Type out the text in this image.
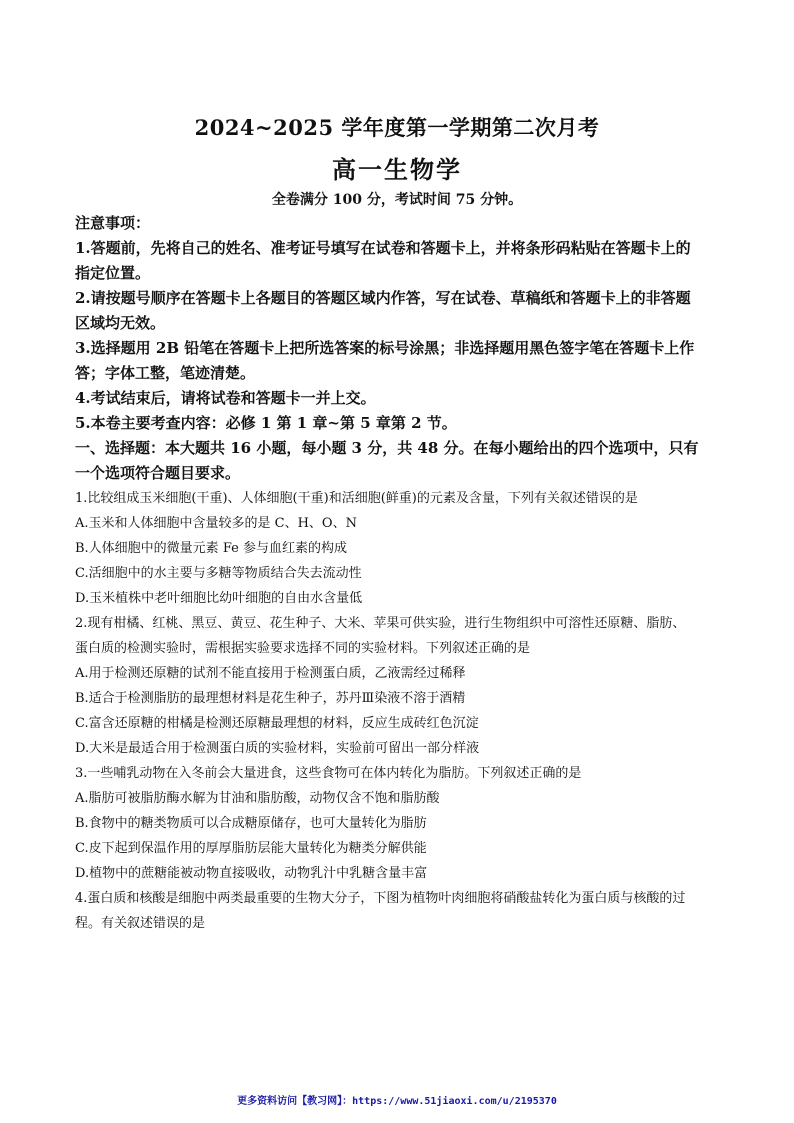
2024~2025 学年度第一学期第二次月考
高一生物学
全卷满分 100 分，考试时间 75 分钟。
注意事项：
1.答题前，先将自己的姓名、准考证号填写在试卷和答题卡上，并将条形码粘贴在答题卡上的
指定位置。
2.请按题号顺序在答题卡上各题目的答题区域内作答，写在试卷、草稿纸和答题卡上的非答题
区域均无效。
3.选择题用 2B 铅笔在答题卡上把所选答案的标号涂黑；非选择题用黑色签字笔在答题卡上作
答；字体工整，笔迹清楚。
4.考试结束后，请将试卷和答题卡一并上交。
5.本卷主要考查内容：必修 1 第 1 章~第 5 章第 2 节。
一、选择题：本大题共 16 小题，每小题 3 分，共 48 分。在每小题给出的四个选项中，只有
一个选项符合题目要求。
1.比较组成玉米细胞(干重)、人体细胞(干重)和活细胞(鲜重)的元素及含量，下列有关叙述错误的是
A.玉米和人体细胞中含量较多的是 C、H、O、N
B.人体细胞中的微量元素 Fe 参与血红素的构成
C.活细胞中的水主要与多糖等物质结合失去流动性
D.玉米植株中老叶细胞比幼叶细胞的自由水含量低
2.现有柑橘、红桃、黑豆、黄豆、花生种子、大米、苹果可供实验，进行生物组织中可溶性还原糖、脂肪、
蛋白质的检测实验时，需根据实验要求选择不同的实验材料。下列叙述正确的是
A.用于检测还原糖的试剂不能直接用于检测蛋白质，乙液需经过稀释
B.适合于检测脂肪的最理想材料是花生种子，苏丹Ⅲ染液不溶于酒精
C.富含还原糖的柑橘是检测还原糖最理想的材料，反应生成砖红色沉淀
D.大米是最适合用于检测蛋白质的实验材料，实验前可留出一部分样液
3.一些哺乳动物在入冬前会大量进食，这些食物可在体内转化为脂肪。下列叙述正确的是
A.脂肪可被脂肪酶水解为甘油和脂肪酸，动物仅含不饱和脂肪酸
B.食物中的糖类物质可以合成糖原储存，也可大量转化为脂肪
C.皮下起到保温作用的厚厚脂肪层能大量转化为糖类分解供能
D.植物中的蔗糖能被动物直接吸收，动物乳汁中乳糖含量丰富
4.蛋白质和核酸是细胞中两类最重要的生物大分子，下图为植物叶肉细胞将硝酸盐转化为蛋白质与核酸的过
程。有关叙述错误的是
更多资料访问【教习网】：https://www.51jiaoxi.com/u/2195370
